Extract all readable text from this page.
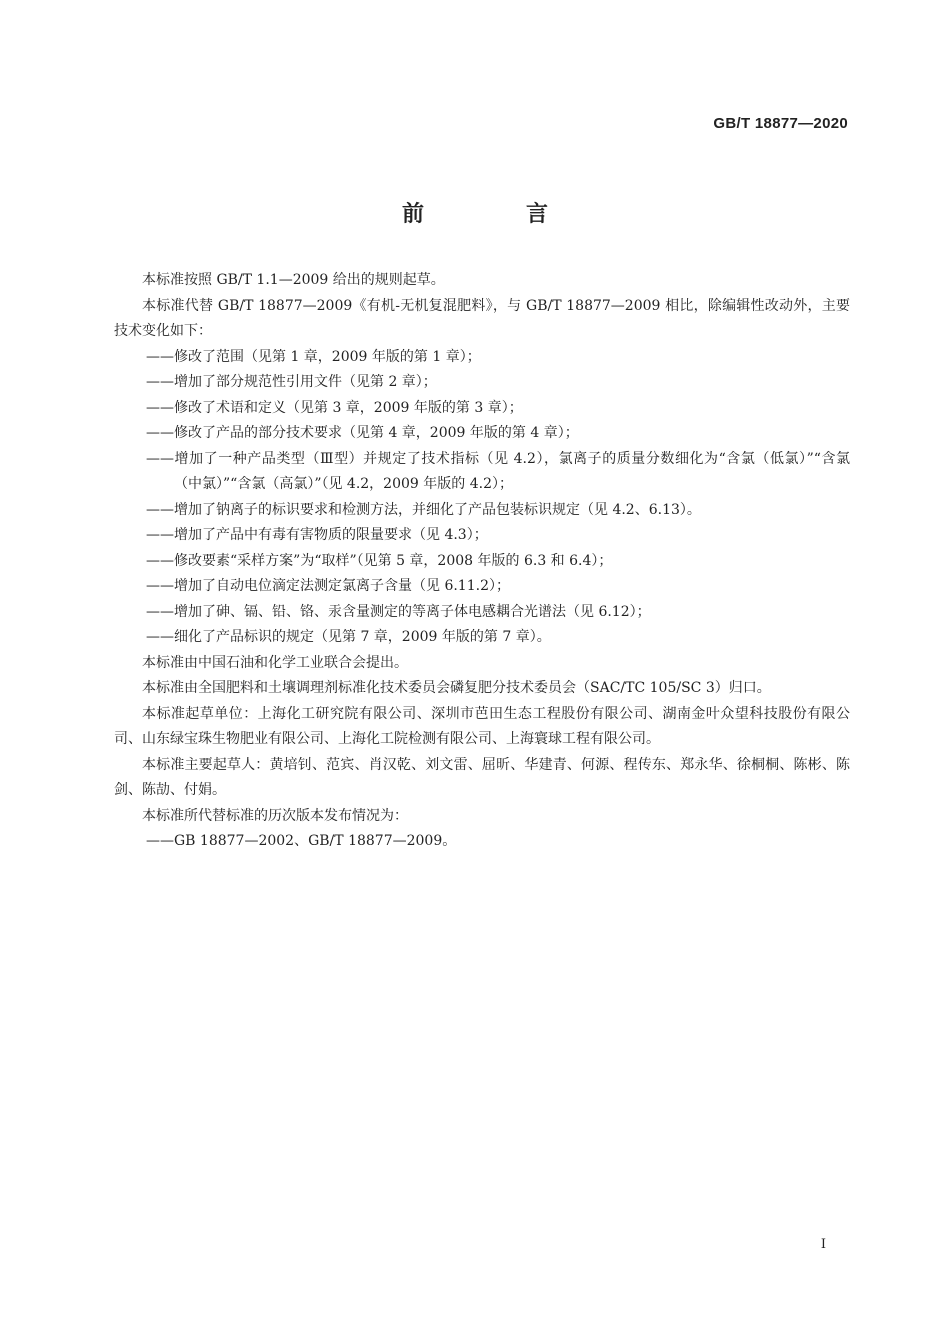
GB/T 18877—2020
前　言

本标准按照 GB/T 1.1—2009 给出的规则起草。

本标准代替 GB/T 18877—2009《有机-无机复混肥料》，与 GB/T 18877—2009 相比，除编辑性改动外，主要技术变化如下：

——修改了范围（见第 1 章，2009 年版的第 1 章）；

——增加了部分规范性引用文件（见第 2 章）；

——修改了术语和定义（见第 3 章，2009 年版的第 3 章）；

——修改了产品的部分技术要求（见第 4 章，2009 年版的第 4 章）；

——增加了一种产品类型（Ⅲ型）并规定了技术指标（见 4.2），氯离子的质量分数细化为“含氯（低氯）”“含氯（中氯）”“含氯（高氯）”（见 4.2，2009 年版的 4.2）；

——增加了钠离子的标识要求和检测方法，并细化了产品包装标识规定（见 4.2、6.13）。

——增加了产品中有毒有害物质的限量要求（见 4.3）；

——修改要素“采样方案”为“取样”（见第 5 章，2008 年版的 6.3 和 6.4）；

——增加了自动电位滴定法测定氯离子含量（见 6.11.2）；

——增加了砷、镉、铅、铬、汞含量测定的等离子体电感耦合光谱法（见 6.12）；

——细化了产品标识的规定（见第 7 章，2009 年版的第 7 章）。

本标准由中国石油和化学工业联合会提出。

本标准由全国肥料和土壤调理剂标准化技术委员会磷复肥分技术委员会（SAC/TC 105/SC 3）归口。

本标准起草单位：上海化工研究院有限公司、深圳市芭田生态工程股份有限公司、湖南金叶众望科技股份有限公司、山东绿宝珠生物肥业有限公司、上海化工院检测有限公司、上海寰球工程有限公司。

本标准主要起草人：黄培钊、范宾、肖汉乾、刘文雷、屈昕、华建青、何源、程传东、郑永华、徐桐桐、陈彬、陈剑、陈劼、付娟。

本标准所代替标准的历次版本发布情况为：

——GB 18877—2002、GB/T 18877—2009。

I
